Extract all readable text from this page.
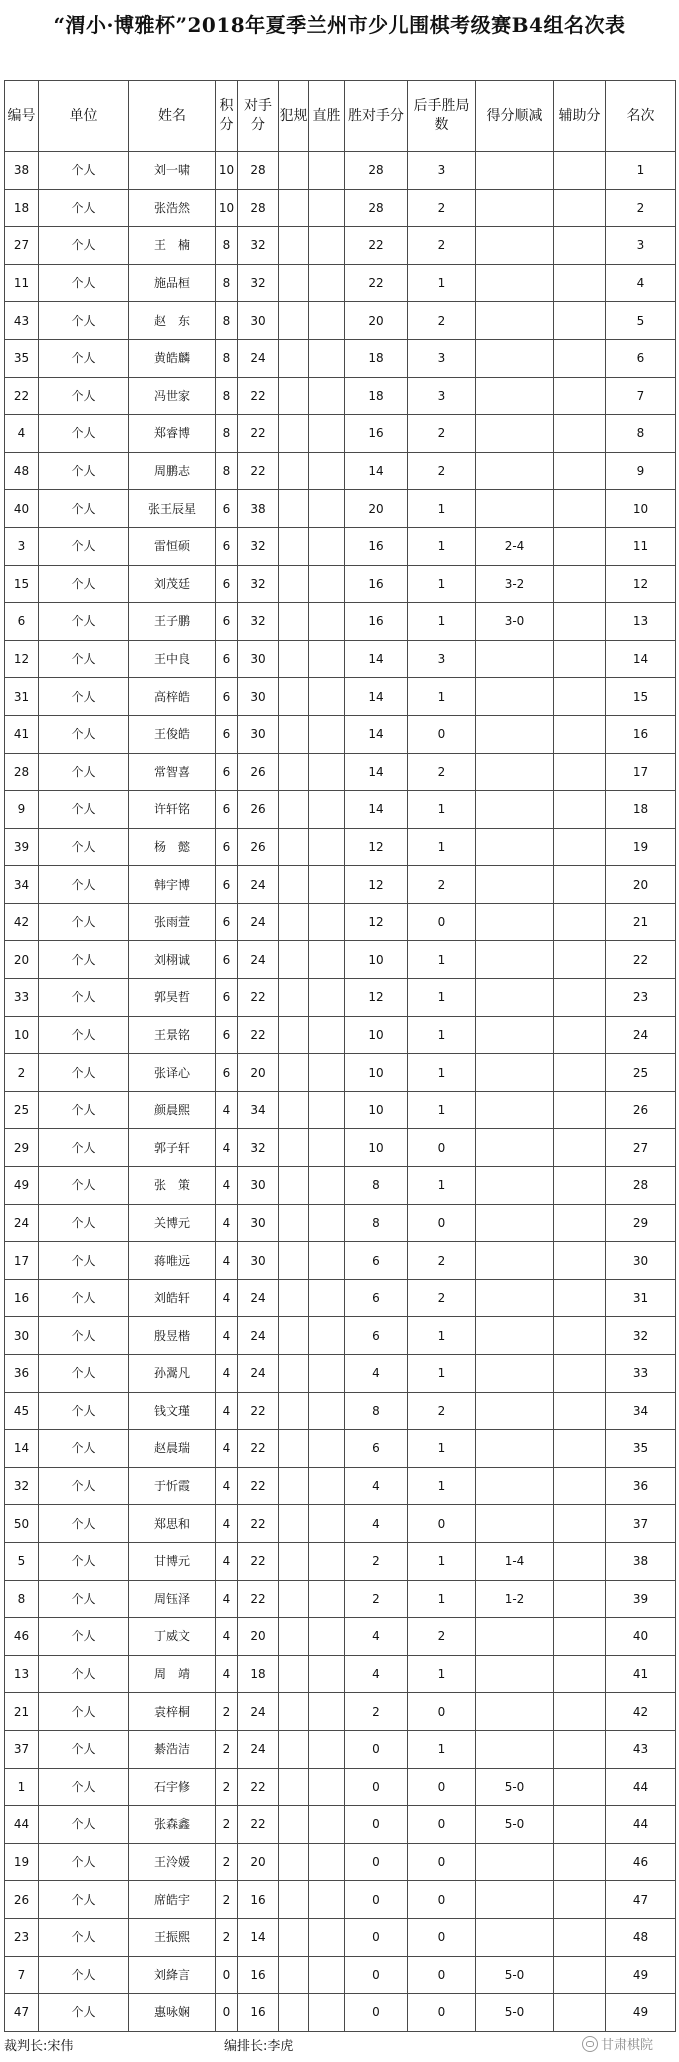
“渭小·博雅杯”2018年夏季兰州市少儿围棋考级赛B4组名次表
编号	单位	姓名	积分	对手分	犯规	直胜	胜对手分	后手胜局数	得分顺减	辅助分	名次
38	个人	刘一啸	10	28			28	3			1
18	个人	张浩然	10	28			28	2			2
27	个人	王　楠	8	32			22	2			3
11	个人	施品桓	8	32			22	1			4
43	个人	赵　东	8	30			20	2			5
35	个人	黄皓麟	8	24			18	3			6
22	个人	冯世家	8	22			18	3			7
4	个人	郑睿博	8	22			16	2			8
48	个人	周鹏志	8	22			14	2			9
40	个人	张王辰星	6	38			20	1			10
3	个人	雷恒硕	6	32			16	1	2-4		11
15	个人	刘茂廷	6	32			16	1	3-2		12
6	个人	王子鹏	6	32			16	1	3-0		13
12	个人	王中良	6	30			14	3			14
31	个人	高梓皓	6	30			14	1			15
41	个人	王俊皓	6	30			14	0			16
28	个人	常智喜	6	26			14	2			17
9	个人	许轩铭	6	26			14	1			18
39	个人	杨　懿	6	26			12	1			19
34	个人	韩宇博	6	24			12	2			20
42	个人	张雨萱	6	24			12	0			21
20	个人	刘栩诚	6	24			10	1			22
33	个人	郭昊哲	6	22			12	1			23
10	个人	王景铭	6	22			10	1			24
2	个人	张译心	6	20			10	1			25
25	个人	颜晨熙	4	34			10	1			26
29	个人	郭子轩	4	32			10	0			27
49	个人	张　策	4	30			8	1			28
24	个人	关博元	4	30			8	0			29
17	个人	蒋唯远	4	30			6	2			30
16	个人	刘皓轩	4	24			6	2			31
30	个人	殷昱楷	4	24			6	1			32
36	个人	孙翯凡	4	24			4	1			33
45	个人	钱文瑾	4	22			8	2			34
14	个人	赵晨瑞	4	22			6	1			35
32	个人	于忻霞	4	22			4	1			36
50	个人	郑思和	4	22			4	0			37
5	个人	甘博元	4	22			2	1	1-4		38
8	个人	周钰泽	4	22			2	1	1-2		39
46	个人	丁威文	4	20			4	2			40
13	个人	周　靖	4	18			4	1			41
21	个人	袁梓桐	2	24			2	0			42
37	个人	綦浩洁	2	24			0	1			43
1	个人	石宇修	2	22			0	0	5-0		44
44	个人	张森鑫	2	22			0	0	5-0		44
19	个人	王泠媛	2	20			0	0			46
26	个人	席皓宇	2	16			0	0			47
23	个人	王振熙	2	14			0	0			48
7	个人	刘絳言	0	16			0	0	5-0		49
47	个人	惠咏娴	0	16			0	0	5-0		49
裁判长:宋伟	编排长:李虎	甘肃棋院
